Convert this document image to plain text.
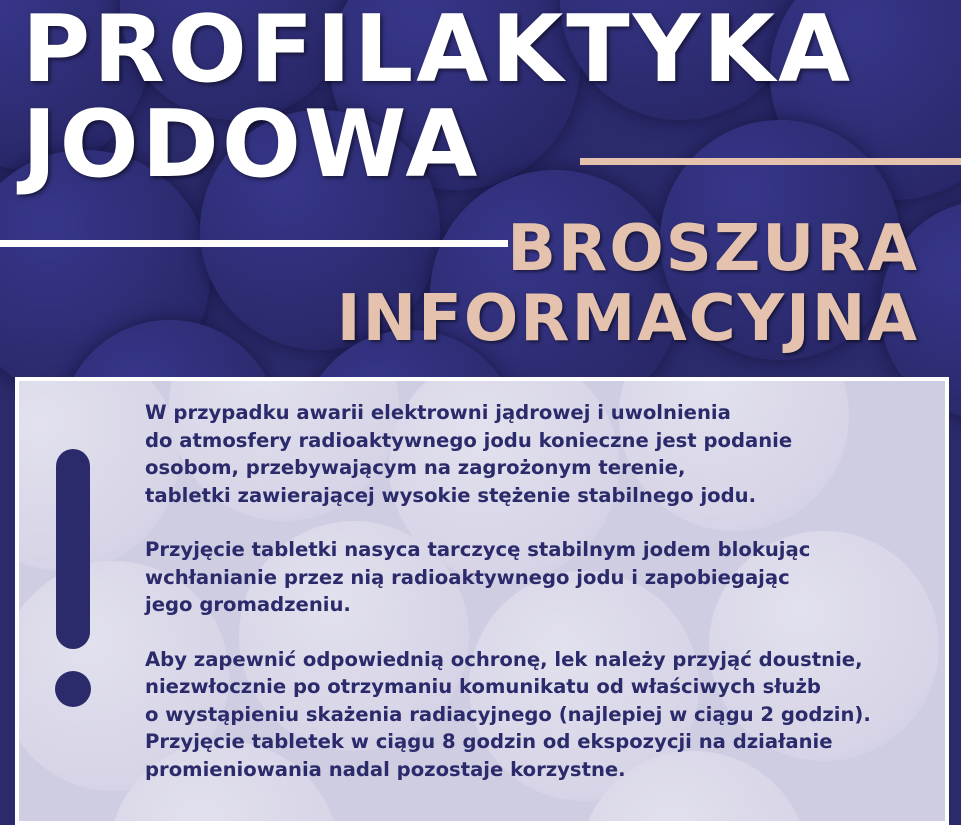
PROFILAKTYKA
JODOWA
BROSZURA
INFORMACYJNA

W przypadku awarii elektrowni jądrowej i uwolnienia
do atmosfery radioaktywnego jodu konieczne jest podanie
osobom, przebywającym na zagrożonym terenie,
tabletki zawierającej wysokie stężenie stabilnego jodu.

Przyjęcie tabletki nasyca tarczycę stabilnym jodem blokując
wchłanianie przez nią radioaktywnego jodu i zapobiegając
jego gromadzeniu.

Aby zapewnić odpowiednią ochronę, lek należy przyjąć doustnie,
niezwłocznie po otrzymaniu komunikatu od właściwych służb
o wystąpieniu skażenia radiacyjnego (najlepiej w ciągu 2 godzin).
Przyjęcie tabletek w ciągu 8 godzin od ekspozycji na działanie
promieniowania nadal pozostaje korzystne.
